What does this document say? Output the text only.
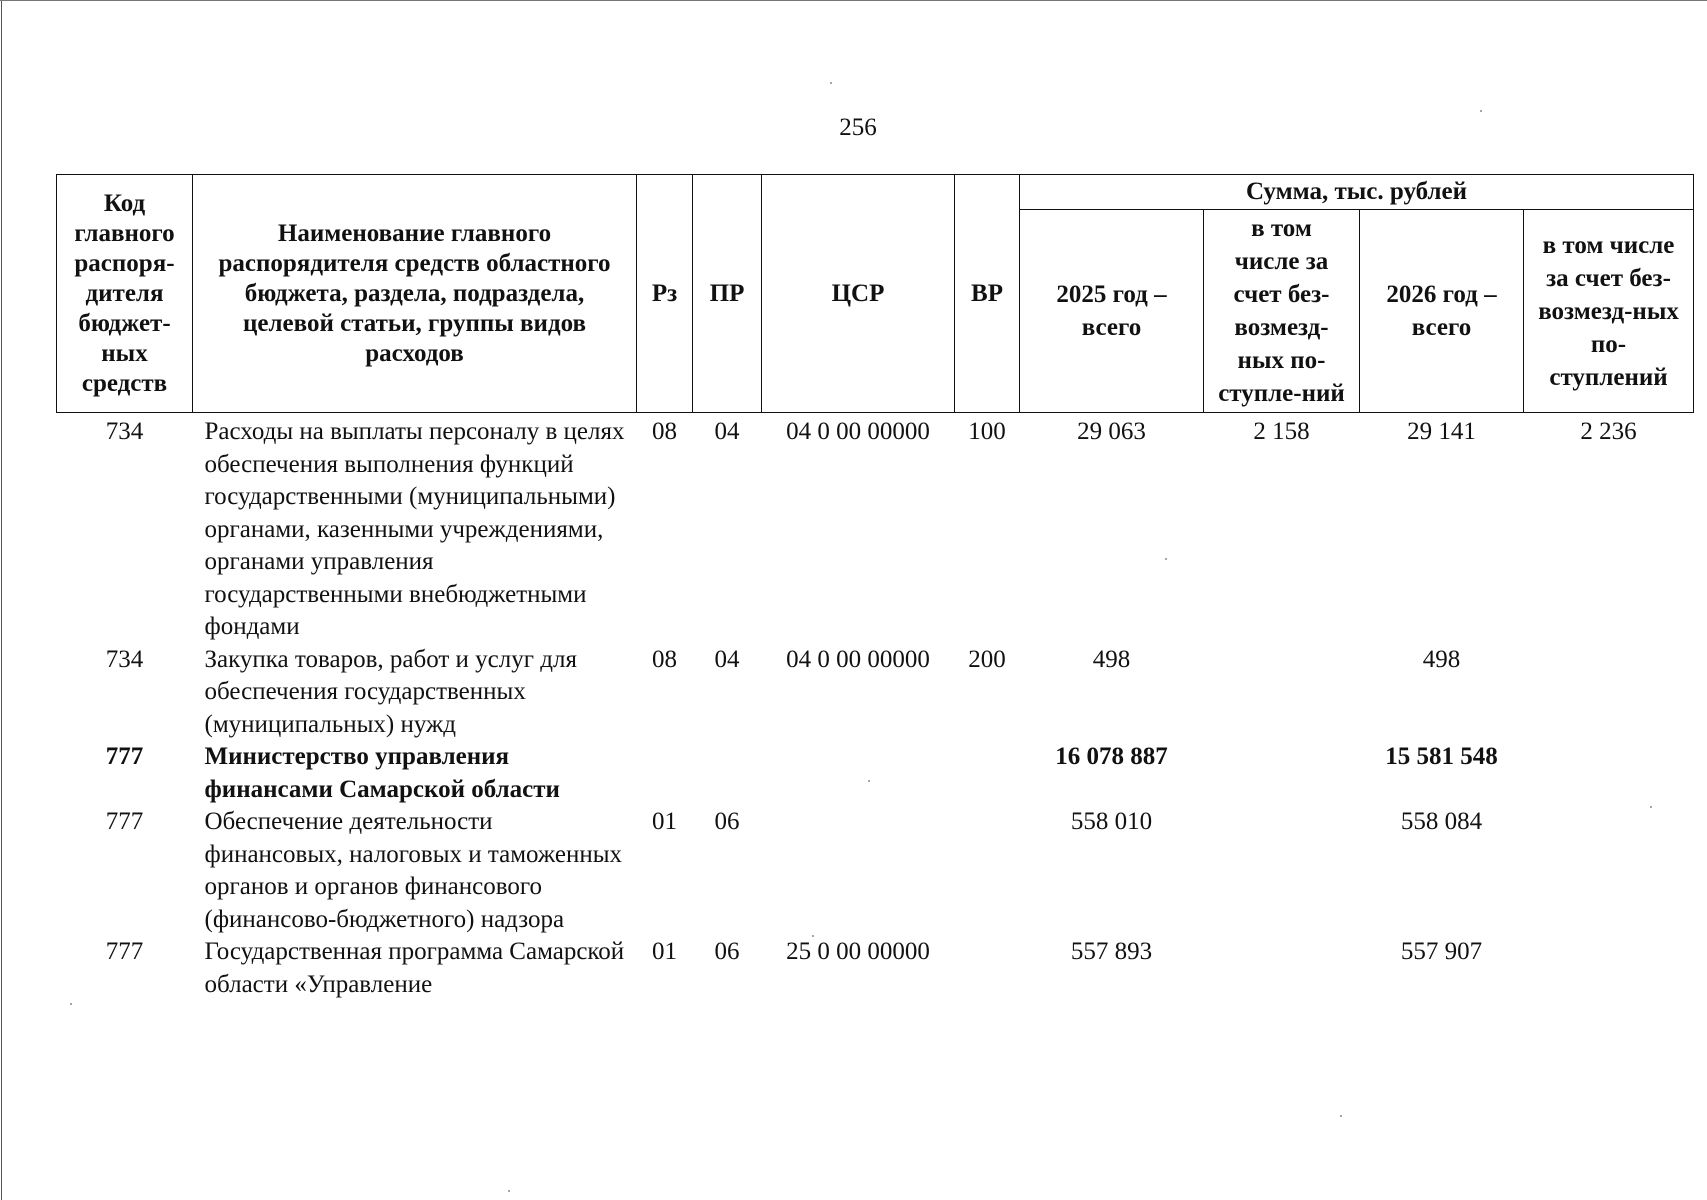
256
Код главного распоря-дителя бюджет-ных средств	Наименование главного распорядителя средств областного бюджета, раздела, подраздела, целевой статьи, группы видов расходов	Рз	ПР	ЦСР	ВР	Сумма, тыс. рублей			
						2025 год – всего	в том числе за счет без-возмезд-ных по-ступле-ний	2026 год – всего	в том числе за счет без-возмезд-ных по-ступлений
734	Расходы на выплаты персоналу в целях обеспечения выполнения функций государственными (муниципальными) органами, казенными учреждениями, органами управления государственными внебюджетными фондами	08	04	04 0 00 00000	100	29 063	2 158	29 141	2 236
734	Закупка товаров, работ и услуг для обеспечения государственных (муниципальных) нужд	08	04	04 0 00 00000	200	498		498	
777	Министерство управления финансами Самарской области					16 078 887		15 581 548	
777	Обеспечение деятельности финансовых, налоговых и таможенных органов и органов финансового (финансово-бюджетного) надзора	01	06			558 010		558 084	
777	Государственная программа Самарской области «Управление	01	06	25 0 00 00000		557 893		557 907	
